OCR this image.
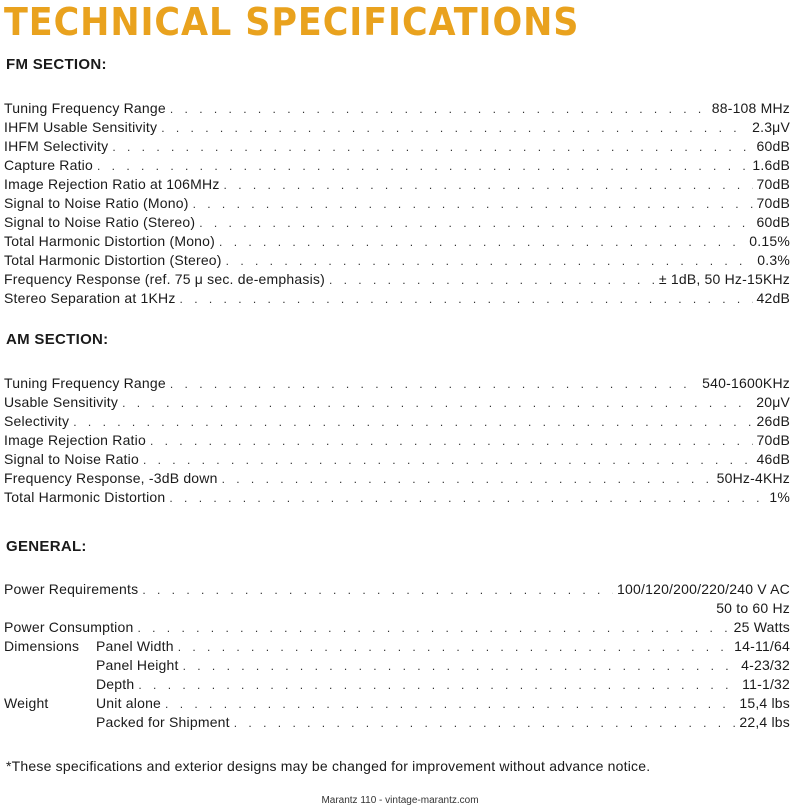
TECHNICAL SPECIFICATIONS
FM SECTION:
Tuning Frequency Range . . .	88-108 MHz
IHFM Usable Sensitivity . . .	2.3μV
IHFM Selectivity . . .	60dB
Capture Ratio . . .	1.6dB
Image Rejection Ratio at 106MHz . . .	70dB
Signal to Noise Ratio (Mono) . . .	70dB
Signal to Noise Ratio (Stereo) . . .	60dB
Total Harmonic Distortion (Mono) . . .	0.15%
Total Harmonic Distortion (Stereo) . . .	0.3%
Frequency Response (ref. 75 μ sec. de-emphasis) . . .	± 1dB, 50 Hz-15KHz
Stereo Separation at 1KHz . . .	42dB
AM SECTION:
Tuning Frequency Range . . .	540-1600KHz
Usable Sensitivity . . .	20μV
Selectivity . . .	26dB
Image Rejection Ratio . . .	70dB
Signal to Noise Ratio . . .	46dB
Frequency Response, -3dB down . . .	50Hz-4KHz
Total Harmonic Distortion . . .	1%
GENERAL:
Power Requirements . . .	100/120/200/220/240 V AC
50 to 60 Hz
Power Consumption . . .	25 Watts
Dimensions	Panel Width . . .	14-11/64
Panel Height . . .	4-23/32
Depth . . .	11-1/32
Weight	Unit alone . . .	15,4 lbs
Packed for Shipment . . .	22,4 lbs
*These specifications and exterior designs may be changed for improvement without advance notice.
Marantz 110 - vintage-marantz.com
